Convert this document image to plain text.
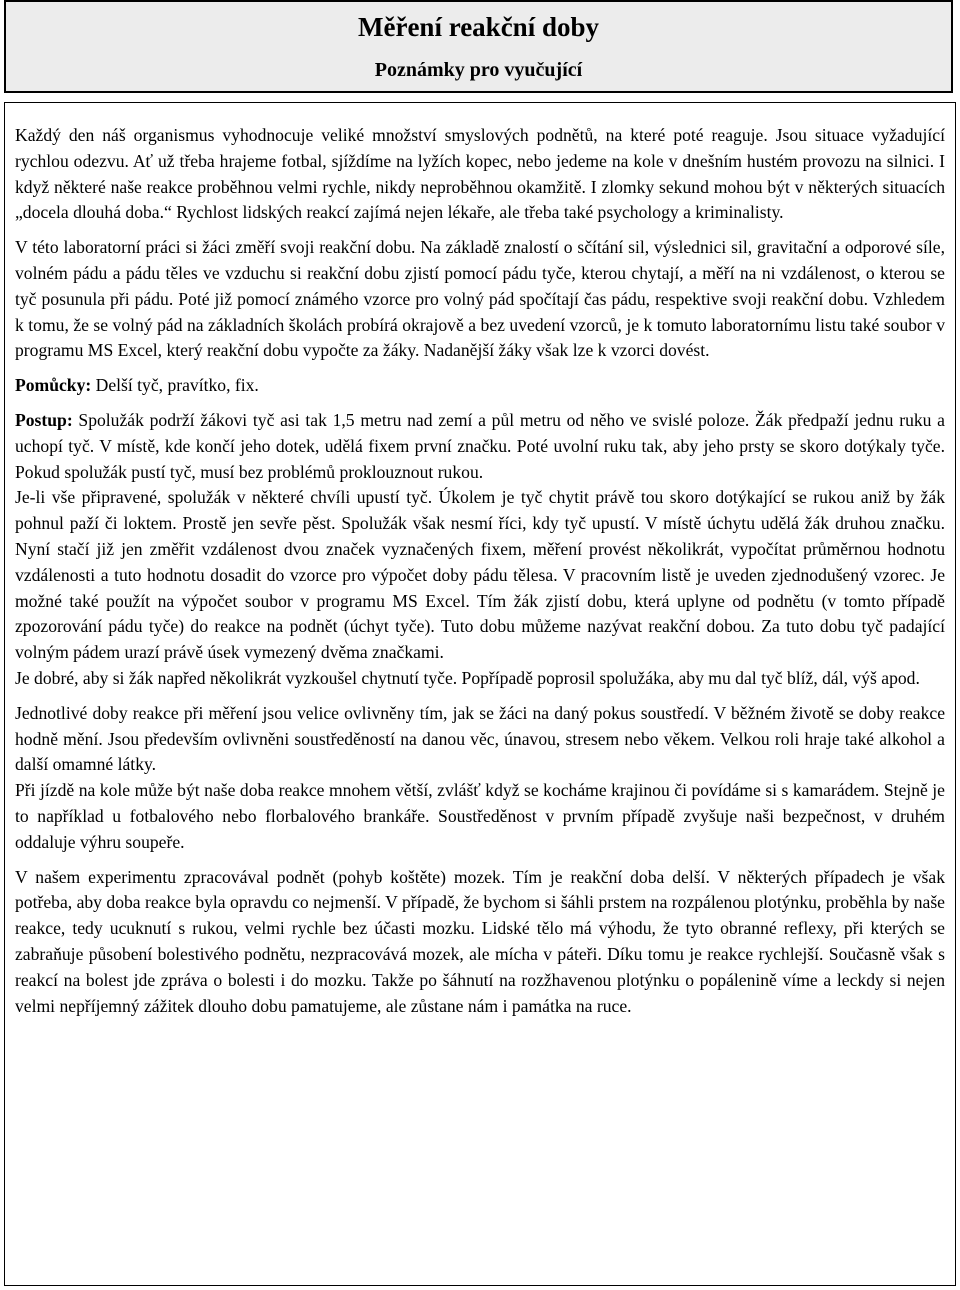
Měření reakční doby
Poznámky pro vyučující

Každý den náš organismus vyhodnocuje veliké množství smyslových podnětů, na které poté reaguje. Jsou situace vyžadující rychlou odezvu. Ať už třeba hrajeme fotbal, sjíždíme na lyžích kopec, nebo jedeme na kole v dnešním hustém provozu na silnici. I když některé naše reakce proběhnou velmi rychle, nikdy neproběhnou okamžitě. I zlomky sekund mohou být v některých situacích „docela dlouhá doba.“ Rychlost lidských reakcí zajímá nejen lékaře, ale třeba také psychology a kriminalisty.

V této laboratorní práci si žáci změří svoji reakční dobu. Na základě znalostí o sčítání sil, výslednici sil, gravitační a odporové síle, volném pádu a pádu těles ve vzduchu si reakční dobu zjistí pomocí pádu tyče, kterou chytají, a měří na ni vzdálenost, o kterou se tyč posunula při pádu. Poté již pomocí známého vzorce pro volný pád spočítají čas pádu, respektive svoji reakční dobu. Vzhledem k tomu, že se volný pád na základních školách probírá okrajově a bez uvedení vzorců, je k tomuto laboratornímu listu také soubor v programu MS Excel, který reakční dobu vypočte za žáky. Nadanější žáky však lze k vzorci dovést.

Pomůcky: Delší tyč, pravítko, fix.

Postup: Spolužák podrží žákovi tyč asi tak 1,5 metru nad zemí a půl metru od něho ve svislé poloze. Žák předpaží jednu ruku a uchopí tyč. V místě, kde končí jeho dotek, udělá fixem první značku. Poté uvolní ruku tak, aby jeho prsty se skoro dotýkaly tyče. Pokud spolužák pustí tyč, musí bez problémů proklouznout rukou.

Je-li vše připravené, spolužák v některé chvíli upustí tyč. Úkolem je tyč chytit právě tou skoro dotýkající se rukou aniž by žák pohnul paží či loktem. Prostě jen sevře pěst. Spolužák však nesmí říci, kdy tyč upustí. V místě úchytu udělá žák druhou značku. Nyní stačí již jen změřit vzdálenost dvou značek vyznačených fixem, měření provést několikrát, vypočítat průměrnou hodnotu vzdálenosti a tuto hodnotu dosadit do vzorce pro výpočet doby pádu tělesa. V pracovním listě je uveden zjednodušený vzorec. Je možné také použít na výpočet soubor v programu MS Excel. Tím žák zjistí dobu, která uplyne od podnětu (v tomto případě zpozorování pádu tyče) do reakce na podnět (úchyt tyče). Tuto dobu můžeme nazývat reakční dobou. Za tuto dobu tyč padající volným pádem urazí právě úsek vymezený dvěma značkami.

Je dobré, aby si žák napřed několikrát vyzkoušel chytnutí tyče. Popřípadě poprosil spolužáka, aby mu dal tyč blíž, dál, výš apod.

Jednotlivé doby reakce při měření jsou velice ovlivněny tím, jak se žáci na daný pokus soustředí. V běžném životě se doby reakce hodně mění. Jsou především ovlivněni soustředěností na danou věc, únavou, stresem nebo věkem. Velkou roli hraje také alkohol a další omamné látky.

Při jízdě na kole může být naše doba reakce mnohem větší, zvlášť když se kocháme krajinou či povídáme si s kamarádem. Stejně je to například u fotbalového nebo florbalového brankáře. Soustředěnost v prvním případě zvyšuje naši bezpečnost, v druhém oddaluje výhru soupeře.

V našem experimentu zpracovával podnět (pohyb koštěte) mozek. Tím je reakční doba delší. V některých případech je však potřeba, aby doba reakce byla opravdu co nejmenší. V případě, že bychom si šáhli prstem na rozpálenou plotýnku, proběhla by naše reakce, tedy ucuknutí s rukou, velmi rychle bez účasti mozku. Lidské tělo má výhodu, že tyto obranné reflexy, při kterých se zabraňuje působení bolestivého podnětu, nezpracovává mozek, ale mícha v páteři. Díku tomu je reakce rychlejší. Současně však s reakcí na bolest jde zpráva o bolesti i do mozku. Takže po šáhnutí na rozžhavenou plotýnku o popálenině víme a leckdy si nejen velmi nepříjemný zážitek dlouho dobu pamatujeme, ale zůstane nám i památka na ruce.
